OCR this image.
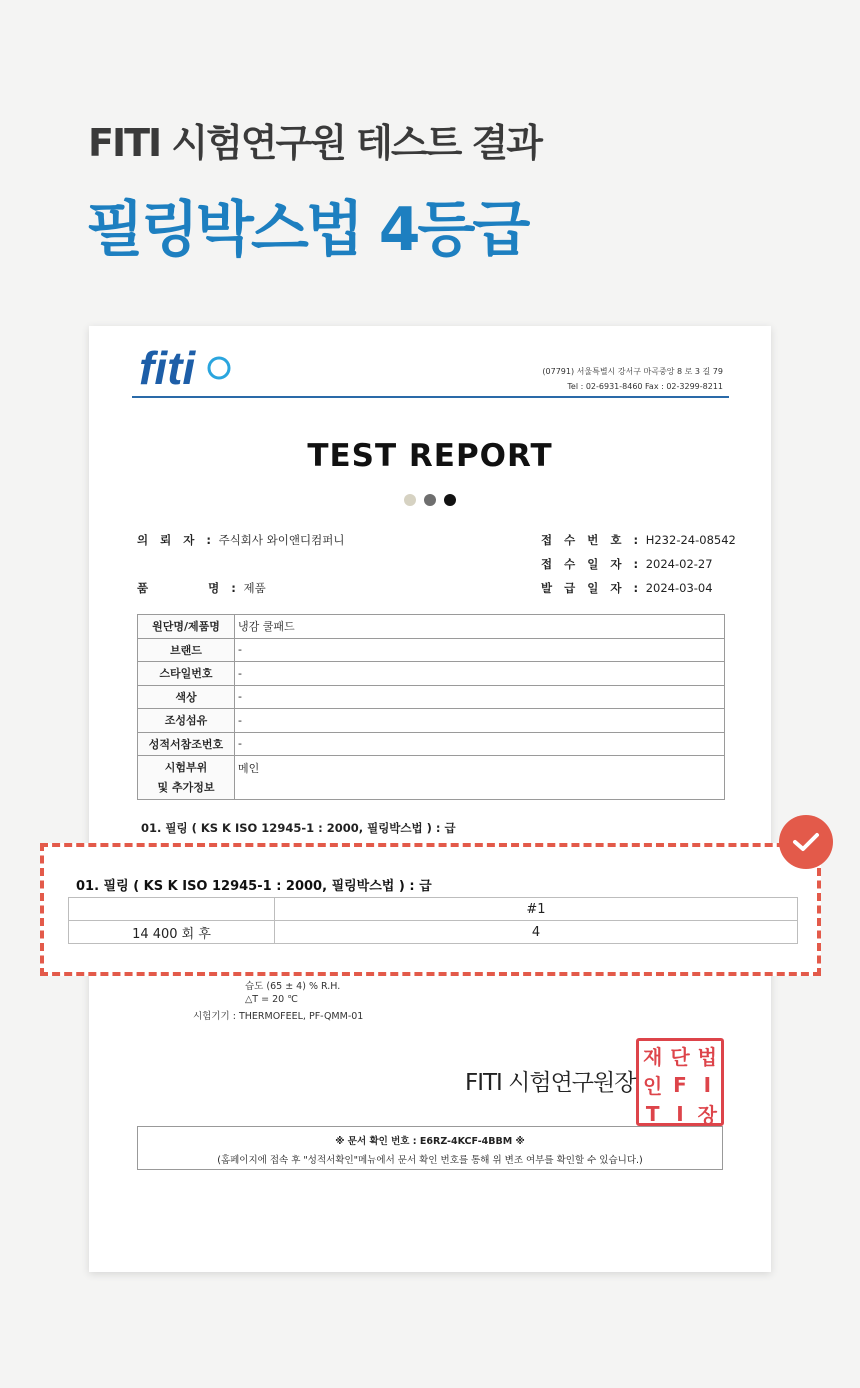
FITI 시험연구원 테스트 결과
필링박스법 4등급
fiti	(07791) 서울특별시 강서구 마곡중앙 8 로 3 길 79
Tel : 02-6931-8460 Fax : 02-3299-8211
TEST REPORT
의 뢰 자 : 주식회사 와이앤디컴퍼니
품       명 : 제품
접 수 번 호 : H232-24-08542
접 수 일 자 : 2024-02-27
발 급 일 자 : 2024-03-04
원단명/제품명	냉감 쿨패드
브랜드	-
스타일번호	-
색상	-
조성섬유	-
성적서참조번호	-

시험부위
및 추가정보	메인
01. 필링 ( KS K ISO 12945-1 : 2000, 필링박스법 ) : 급
습도 (65 ± 4) % R.H.
△T = 20 ℃
시험기기 : THERMOFEEL, PF-QMM-01
재 단 법
인 F I
T I 장
FITI 시험연구원장
※ 문서 확인 번호 : E6RZ-4KCF-4BBM ※
(홈페이지에 접속 후 "성적서확인"메뉴에서 문서 확인 번호를 통해 위 변조 여부를 확인할 수 있습니다.)
01. 필링 ( KS K ISO 12945-1 : 2000, 필링박스법 ) : 급
	#1
14 400 회 후	4
